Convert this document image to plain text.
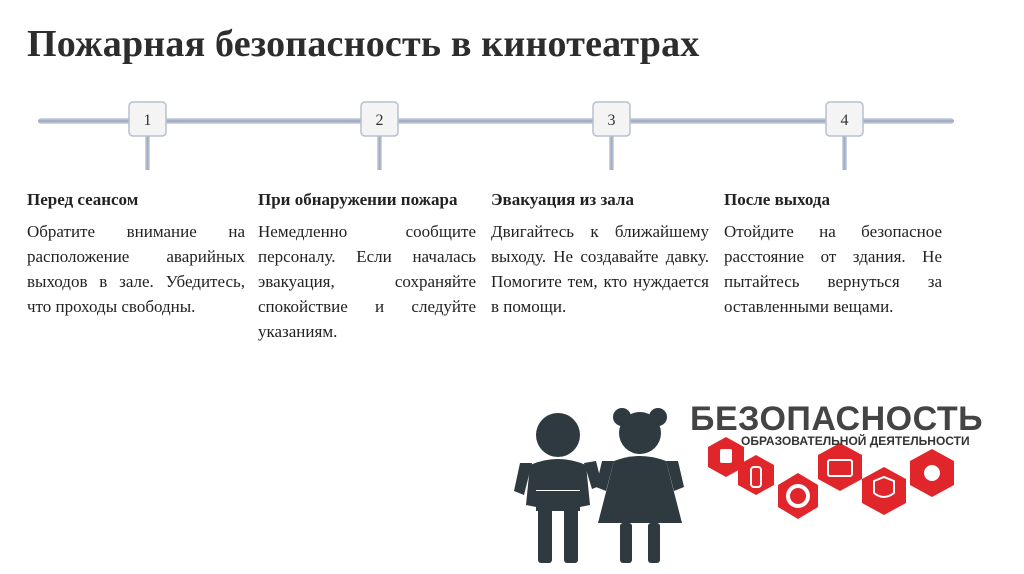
Пожарная безопасность в кинотеатрах
1	2	3	4
Перед сеансом

Обратите внимание на расположение аварийных выходов в зале. Убедитесь, что проходы свободны.

При обнаружении пожара

Немедленно сообщите персоналу. Если началась эвакуация, сохраняйте спокойствие и следуйте указаниям.

Эвакуация из зала

Двигайтесь к ближайшему выходу. Не создавайте давку. Помогите тем, кто нуждается в помощи.

После выхода

Отойдите на безопасное расстояние от здания. Не пытайтесь вернуться за оставленными вещами.

БЕЗОПАСНОСТЬ
ОБРАЗОВАТЕЛЬНОЙ ДЕЯТЕЛЬНОСТИ
